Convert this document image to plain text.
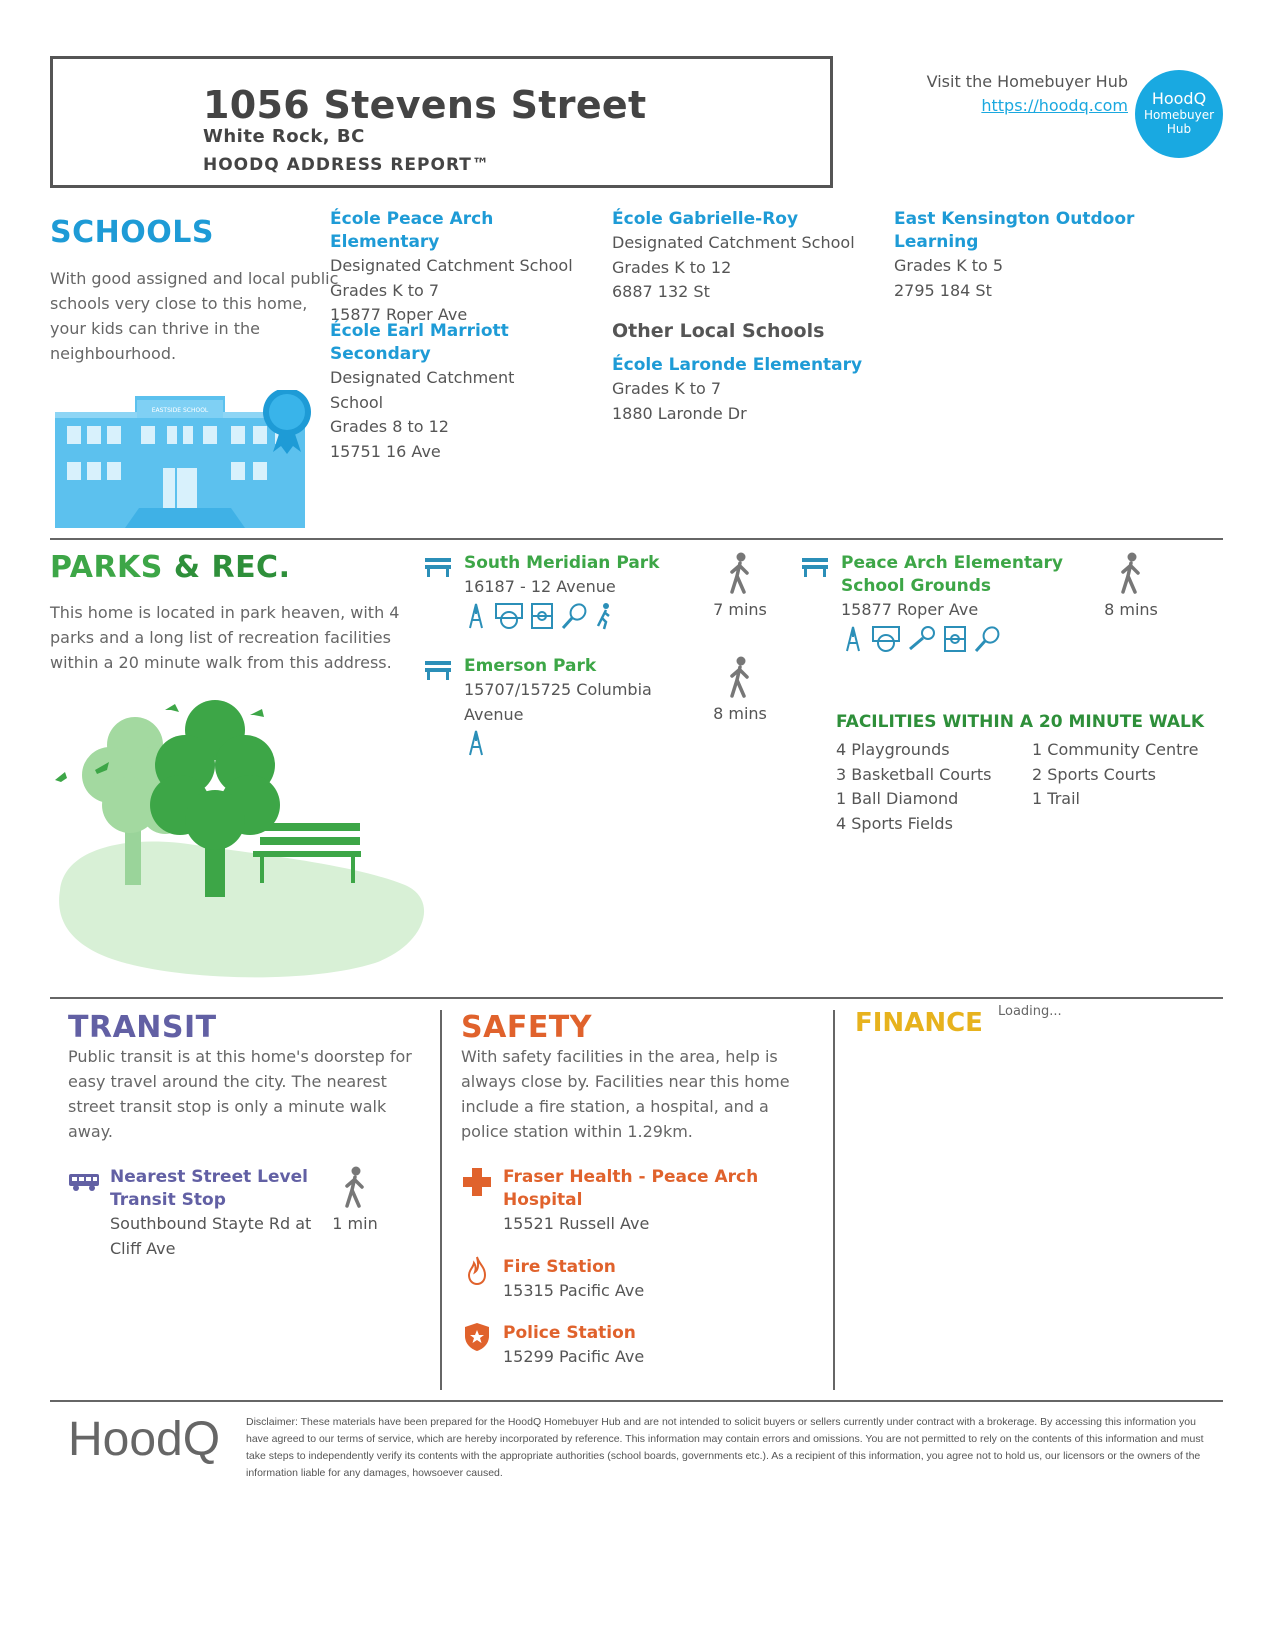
1056 Stevens Street
White Rock, BC
HOODQ ADDRESS REPORT™
Visit the Homebuyer Hub
https://hoodq.com	HoodQ
Homebuyer
Hub
SCHOOLS
With good assigned and local public schools very close to this home, your kids can thrive in the neighbourhood.
EASTSIDE SCHOOL
École Peace Arch Elementary
Designated Catchment School
Grades K to 7
15877 Roper Ave
École Earl Marriott Secondary
Designated Catchment School
Grades 8 to 12
15751 16 Ave
École Gabrielle-Roy
Designated Catchment School
Grades K to 12
6887 132 St
Other Local Schools
École Laronde Elementary
Grades K to 7
1880 Laronde Dr
East Kensington Outdoor Learning
Grades K to 5
2795 184 St
PARKS & REC.
This home is located in park heaven, with 4 parks and a long list of recreation facilities within a 20 minute walk from this address.
South Meridian Park
16187 - 12 Avenue
7 mins
Emerson Park
15707/15725 Columbia Avenue	8 mins
Peace Arch Elementary School Grounds
15877 Roper Ave	8 mins
FACILITIES WITHIN A 20 MINUTE WALK
4 Playgrounds
3 Basketball Courts
1 Ball Diamond
4 Sports Fields
1 Community Centre
2 Sports Courts
1 Trail
TRANSIT
Public transit is at this home's doorstep for easy travel around the city. The nearest street transit stop is only a minute walk away.
Nearest Street Level Transit Stop
Southbound Stayte Rd at Cliff Ave
1 min
SAFETY
With safety facilities in the area, help is always close by. Facilities near this home include a fire station, a hospital, and a police station within 1.29km.
Fraser Health - Peace Arch Hospital
15521 Russell Ave
Fire Station
15315 Pacific Ave
Police Station
15299 Pacific Ave
FINANCE Loading...
HoodQ Disclaimer: These materials have been prepared for the HoodQ Homebuyer Hub and are not intended to solicit buyers or sellers currently under contract with a brokerage. By accessing this information you have agreed to our terms of service, which are hereby incorporated by reference. This information may contain errors and omissions. You are not permitted to rely on the contents of this information and must take steps to independently verify its contents with the appropriate authorities (school boards, governments etc.). As a recipient of this information, you agree not to hold us, our licensors or the owners of the information liable for any damages, howsoever caused.
